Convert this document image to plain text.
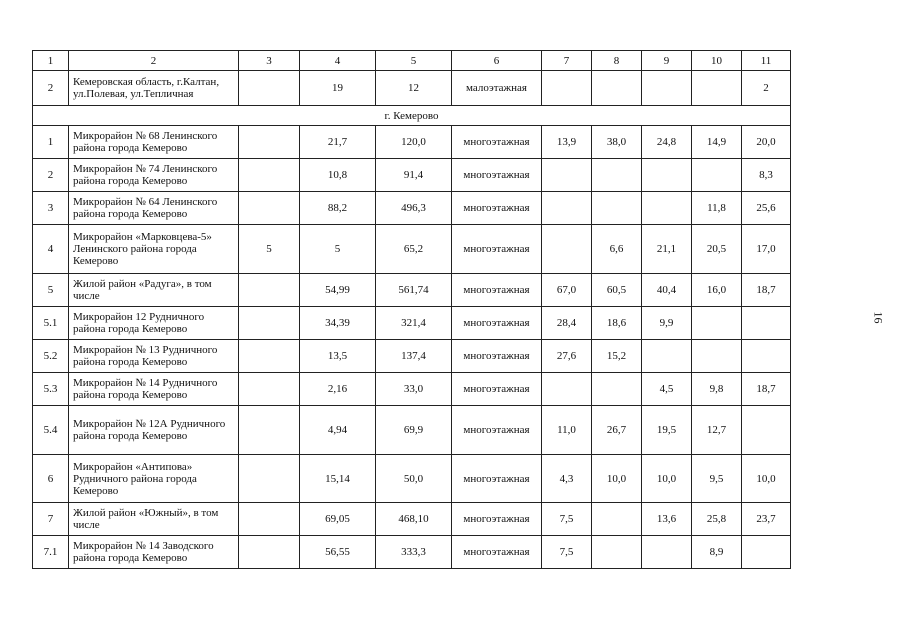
1	2	3	4	5	6	7	8	9	10	11
2	Кемеровская область, г.Калтан, ул.Полевая, ул.Тепличная		19	12	малоэтажная					2
г. Кемерово										
1	Микрорайон № 68 Ленинского района города Кемерово		21,7	120,0	многоэтажная	13,9	38,0	24,8	14,9	20,0
2	Микрорайон № 74 Ленинского района города Кемерово		10,8	91,4	многоэтажная					8,3
3	Микрорайон № 64 Ленинского района города Кемерово		88,2	496,3	многоэтажная				11,8	25,6
4	Микрорайон «Марковцева-5» Ленинского района города Кемерово	5	5	65,2	многоэтажная		6,6	21,1	20,5	17,0
5	Жилой район «Радуга», в том числе		54,99	561,74	многоэтажная	67,0	60,5	40,4	16,0	18,7
5.1	Микрорайон 12 Рудничного района города Кемерово		34,39	321,4	многоэтажная	28,4	18,6	9,9		
5.2	Микрорайон № 13 Рудничного района города Кемерово		13,5	137,4	многоэтажная	27,6	15,2			
5.3	Микрорайон № 14 Рудничного района города Кемерово		2,16	33,0	многоэтажная			4,5	9,8	18,7
5.4	Микрорайон № 12А Рудничного района города Кемерово		4,94	69,9	многоэтажная	11,0	26,7	19,5	12,7	
6	Микрорайон «Антипова» Рудничного района города Кемерово		15,14	50,0	многоэтажная	4,3	10,0	10,0	9,5	10,0
7	Жилой район «Южный», в том числе		69,05	468,10	многоэтажная	7,5		13,6	25,8	23,7
7.1	Микрорайон № 14 Заводского района города Кемерово		56,55	333,3	многоэтажная	7,5			8,9	
16
